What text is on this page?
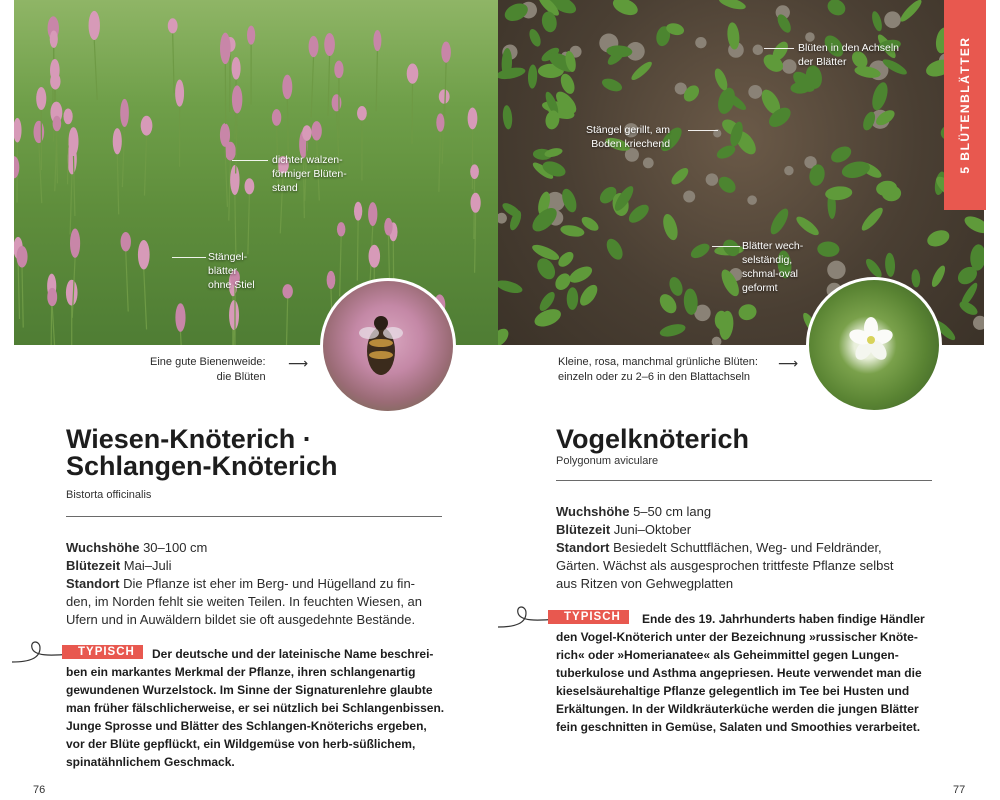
dichter walzen-
förmiger Blüten-
stand
Stängel-
blätter
ohne Stiel
Blüten in den Achseln
der Blätter
Stängel gerillt, am
Boden kriechend
Blätter wech-
selständig,
schmal-oval
geformt
5 BLÜTENBLÄTTER
Eine gute Bienenweide:
die Blüten
⟶	Kleine, rosa, manchmal grünliche Blüten:
einzeln oder zu 2–6 in den Blattachseln
⟶
Wiesen-Knöterich ·
Schlangen-Knöterich
Bistorta officinalis
Wuchshöhe 30–100 cm
Blütezeit Mai–Juli
Standort Die Pflanze ist eher im Berg- und Hügelland zu fin-
den, im Norden fehlt sie weiten Teilen. In feuchten Wiesen, an
Ufern und in Auwäldern bildet sie oft ausgedehnte Bestände.
TYPISCH	Der deutsche und der lateinische Name beschrei-
ben ein markantes Merkmal der Pflanze, ihren schlangenartig
gewundenen Wurzelstock. Im Sinne der Signaturenlehre glaubte
man früher fälschlicherweise, er sei nützlich bei Schlangenbissen.
Junge Sprosse und Blätter des Schlangen-Knöterichs ergeben,
vor der Blüte gepflückt, ein Wildgemüse von herb-süßlichem,
spinatähnlichem Geschmack.
76
Vogelknöterich
Polygonum aviculare
Wuchshöhe 5–50 cm lang
Blütezeit Juni–Oktober
Standort Besiedelt Schuttflächen, Weg- und Feldränder,
Gärten. Wächst als ausgesprochen trittfeste Pflanze selbst
aus Ritzen von Gehwegplatten
TYPISCH	Ende des 19. Jahrhunderts haben findige Händler
den Vogel-Knöterich unter der Bezeichnung »russischer Knöte-
rich« oder »Homerianatee« als Geheimmittel gegen Lungen-
tuberkulose und Asthma angepriesen. Heute verwendet man die
kieselsäurehaltige Pflanze gelegentlich im Tee bei Husten und
Erkältungen. In der Wildkräuterküche werden die jungen Blätter
fein geschnitten in Gemüse, Salaten und Smoothies verarbeitet.
77
